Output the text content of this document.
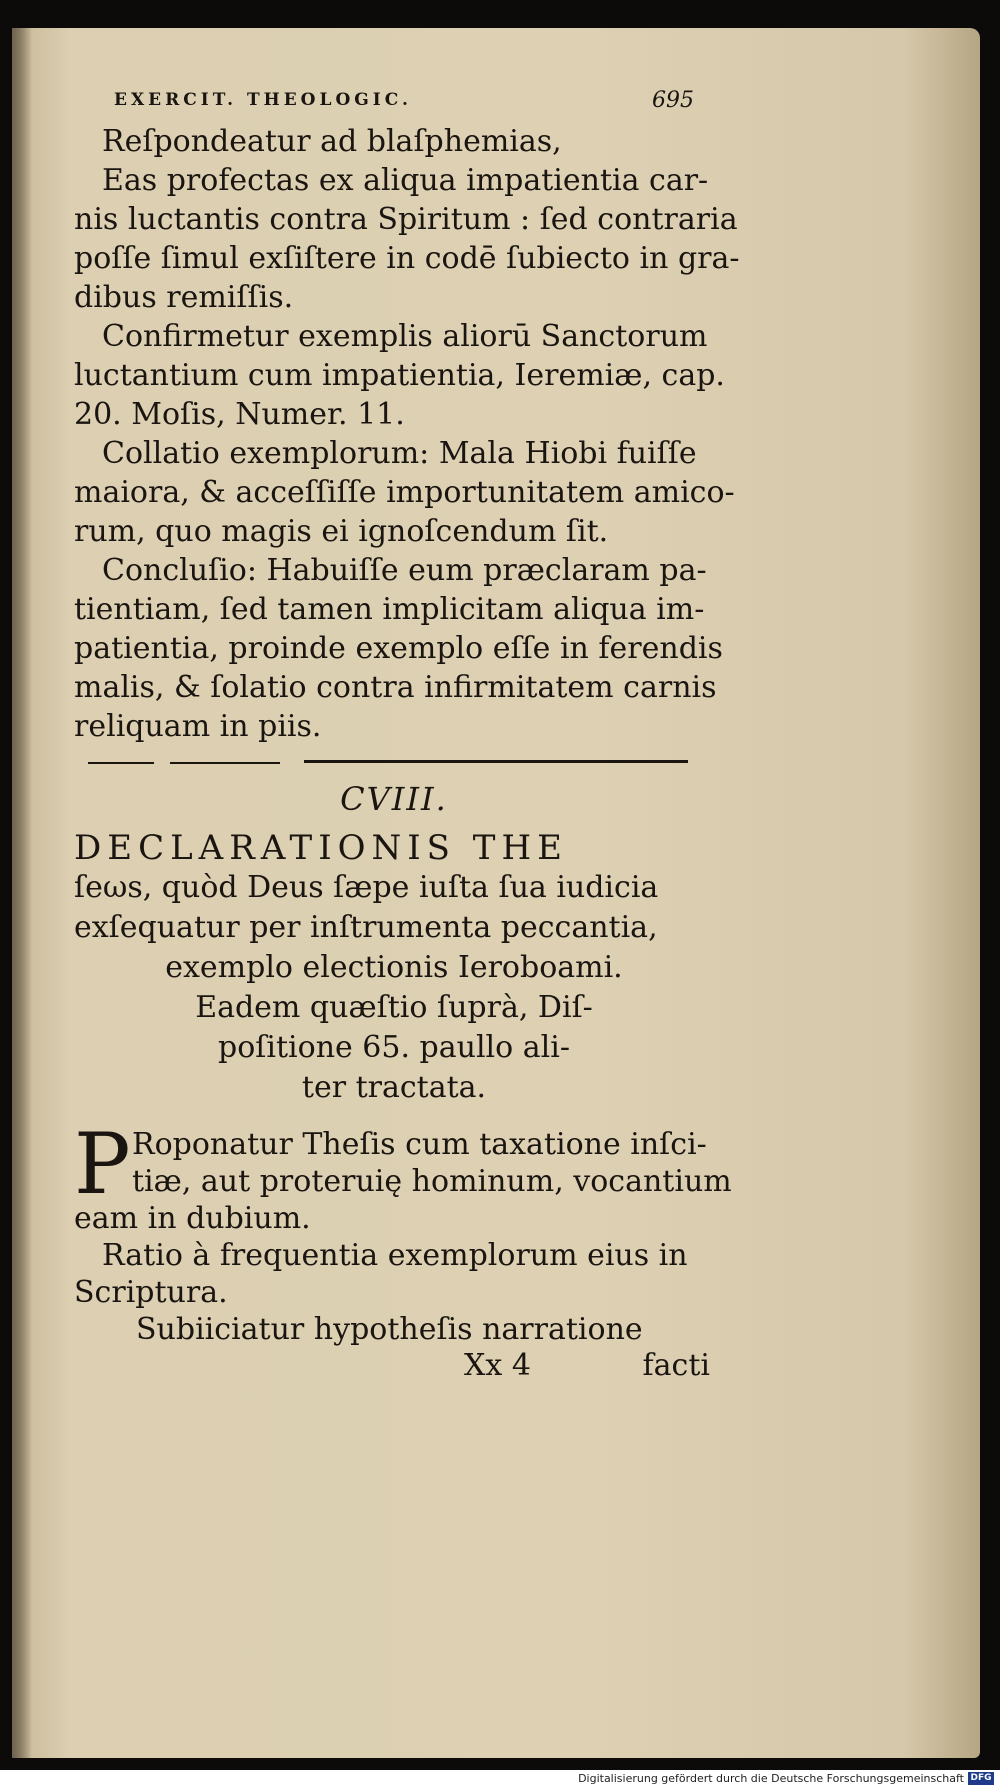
EXERCIT. THEOLOGIC.	695

Reſpondeatur ad blaſphemias,

Eas profectas ex aliqua impatientia car-

nis luctantis contra Spiritum : ſed contraria

poſſe ſimul exſiſtere in codē ſubiecto in gra-

dibus remiſſis.

Confirmetur exemplis aliorū Sanctorum

luctantium cum impatientia, Ieremiæ, cap.

20. Moſis, Numer. 11.

Collatio exemplorum: Mala Hiobi fuiſſe

maiora, & acceſſiſſe importunitatem amico-

rum, quo magis ei ignoſcendum ſit.

Concluſio: Habuiſſe eum præclaram pa-

tientiam, ſed tamen implicitam aliqua im-

patientia, proinde exemplo eſſe in ferendis

malis, & ſolatio contra infirmitatem carnis

reliquam in piis.

CVIII.
DECLARATIONIS THE

ſeωs, quòd Deus ſæpe iuſta ſua iudicia

exſequatur per inſtrumenta peccantia,

exemplo electionis Ieroboami.

Eadem quæſtio ſuprà, Diſ-

poſitione 65. paullo ali-

ter tractata.

P Roponatur Theſis cum taxatione inſci-

tiæ, aut proteruię hominum, vocantium

eam in dubium.

Ratio à frequentia exemplorum eius in

Scriptura.

Subiiciatur hypotheſis narratione

Xx 4	facti
Digitalisierung gefördert durch die Deutsche Forschungsgemeinschaft DFG
